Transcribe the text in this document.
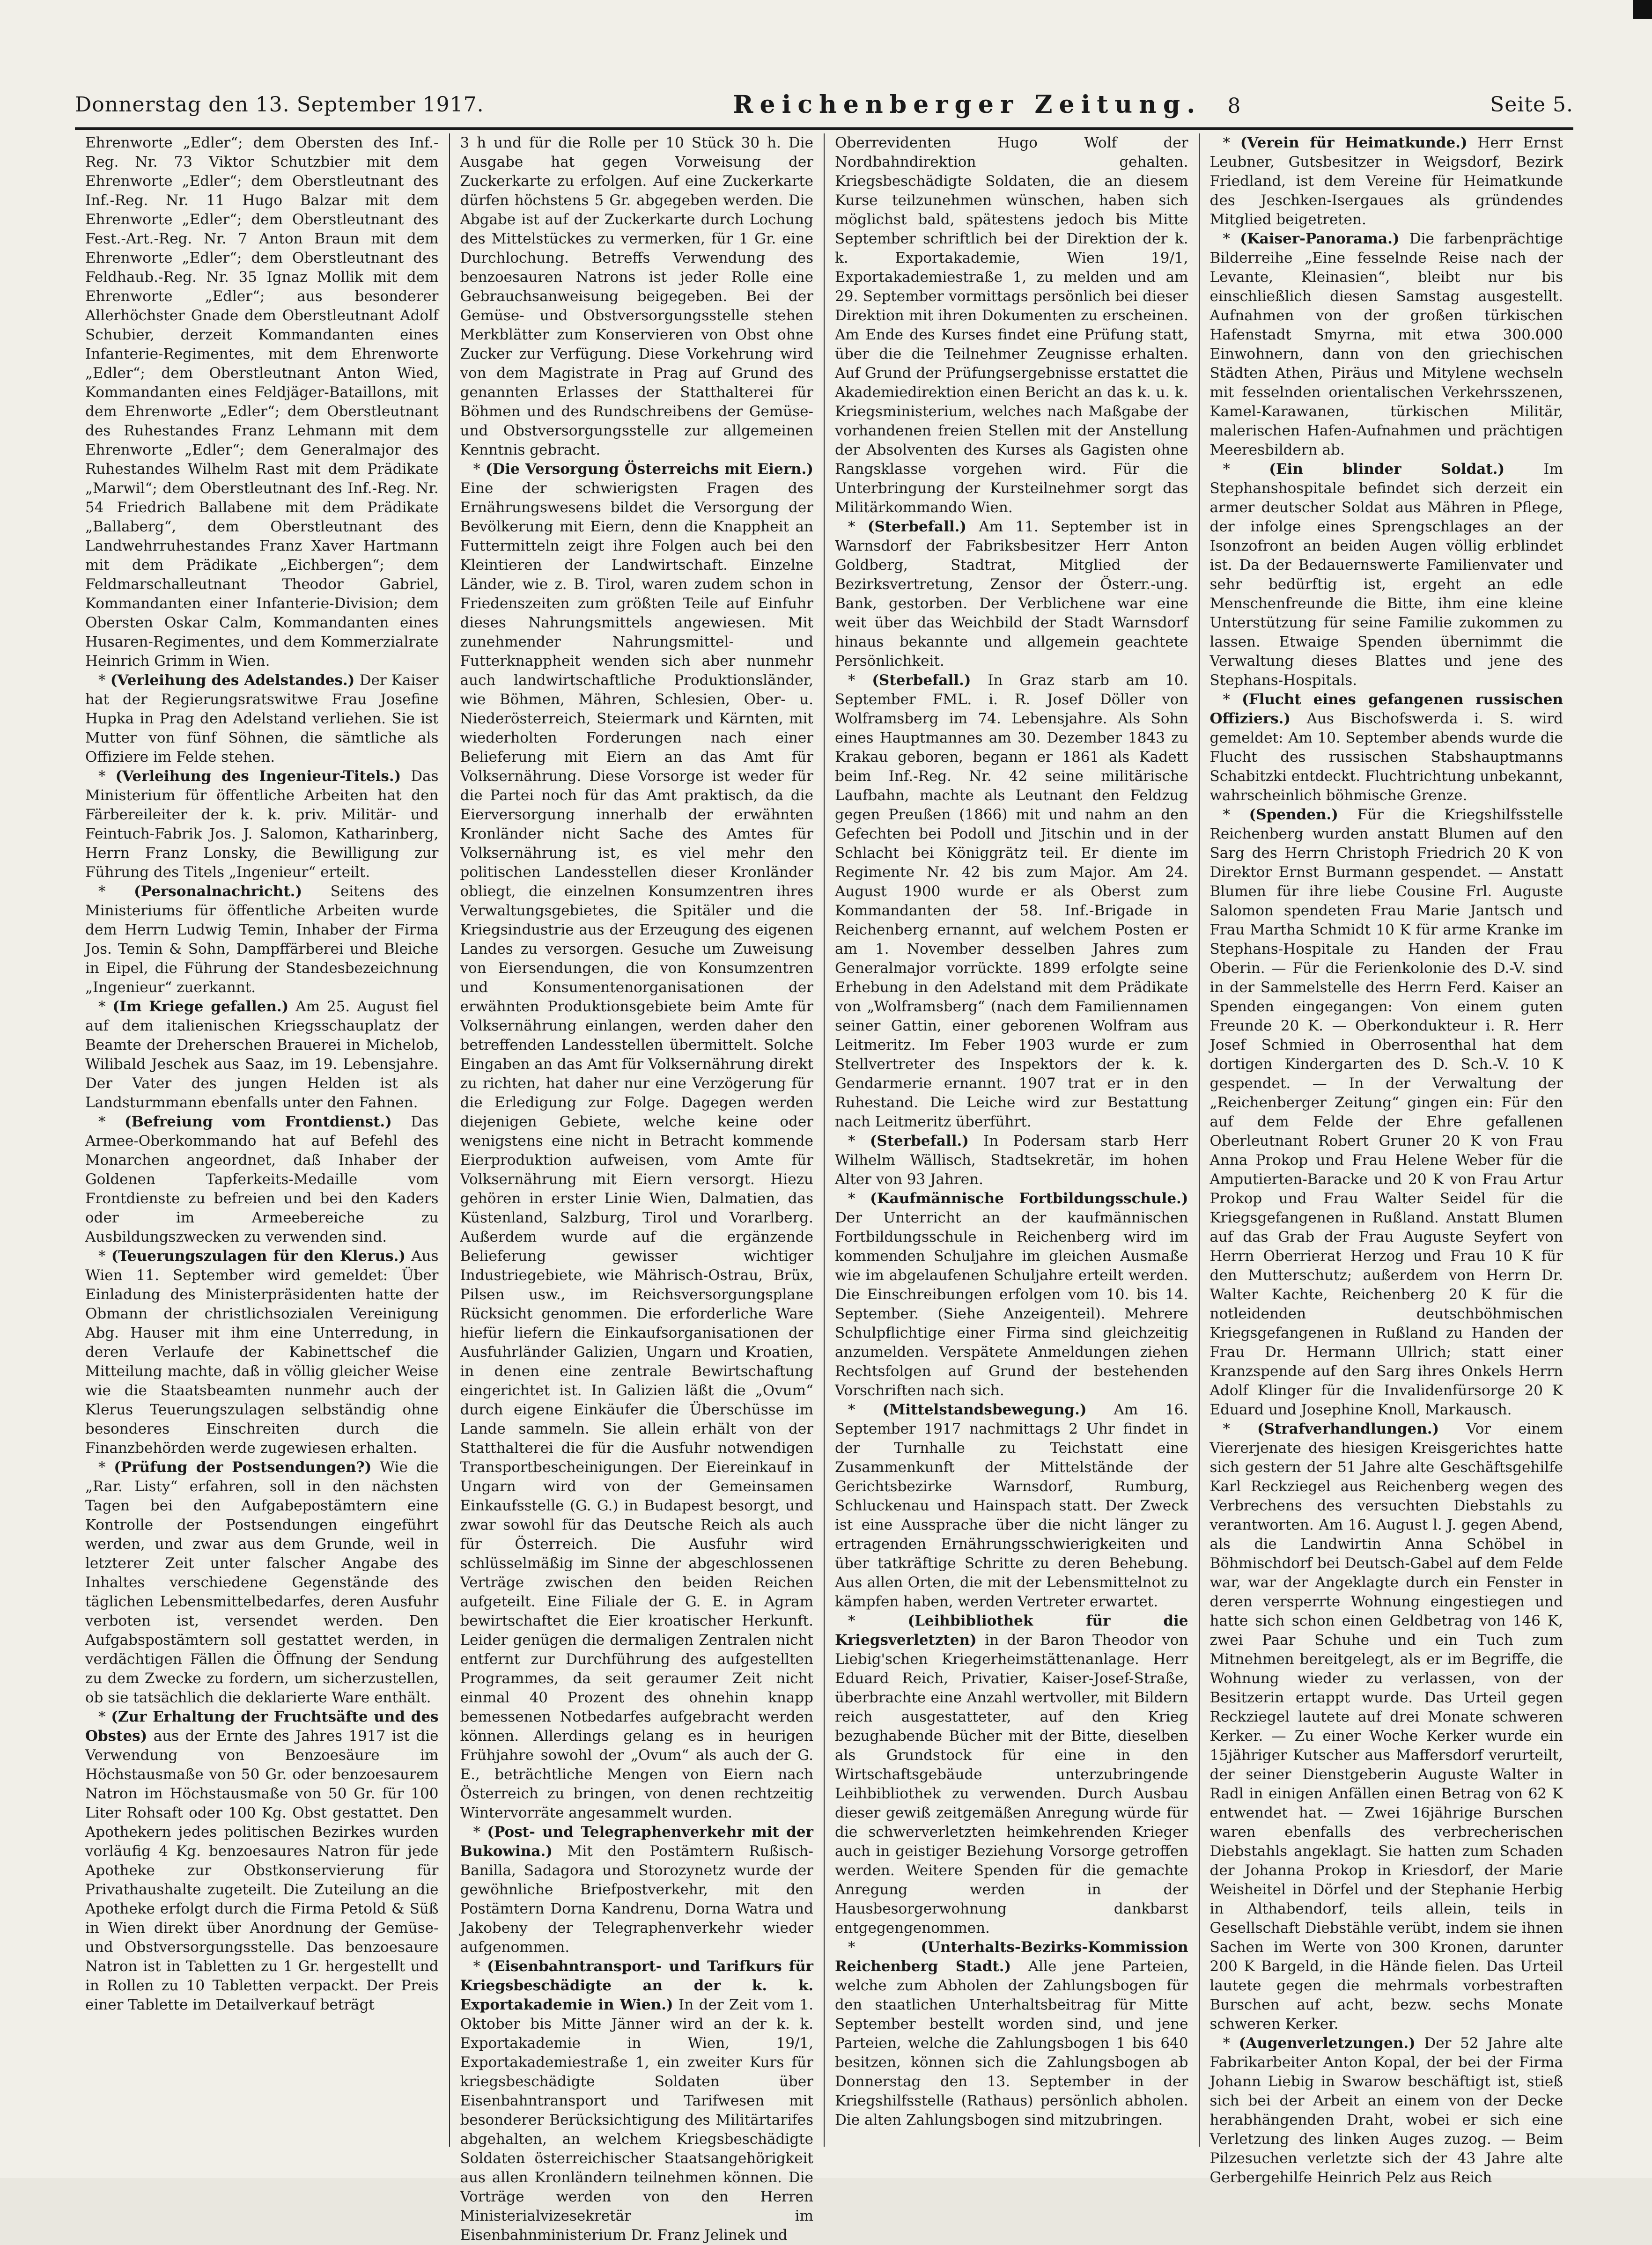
Donnerstag den 13. September 1917.	Reichenberger Zeitung. 8	Seite 5.

Ehrenworte „Edler“; dem Obersten des Inf.-Reg. Nr. 73 Viktor Schutzbier mit dem Ehrenworte „Edler“; dem Oberstleutnant des Inf.-Reg. Nr. 11 Hugo Balzar mit dem Ehrenworte „Edler“; dem Oberstleutnant des Fest.-Art.-Reg. Nr. 7 Anton Braun mit dem Ehrenworte „Edler“; dem Oberstleutnant des Feldhaub.-Reg. Nr. 35 Ignaz Mollik mit dem Ehrenworte „Edler“; aus besonderer Allerhöchster Gnade dem Oberstleutnant Adolf Schubier, derzeit Kommandanten eines Infanterie-Regimentes, mit dem Ehrenworte „Edler“; dem Oberstleutnant Anton Wied, Kommandanten eines Feldjäger-Bataillons, mit dem Ehrenworte „Edler“; dem Oberstleutnant des Ruhestandes Franz Lehmann mit dem Ehrenworte „Edler“; dem Generalmajor des Ruhestandes Wilhelm Rast mit dem Prädikate „Marwil“; dem Oberstleutnant des Inf.-Reg. Nr. 54 Friedrich Ballabene mit dem Prädikate „Ballaberg“, dem Oberstleutnant des Landwehrruhestandes Franz Xaver Hartmann mit dem Prädikate „Eichbergen“; dem Feldmarschalleutnant Theodor Gabriel, Kommandanten einer Infanterie-Division; dem Obersten Oskar Calm, Kommandanten eines Husaren-Regimentes, und dem Kommerzialrate Heinrich Grimm in Wien.

* (Verleihung des Adelstandes.) Der Kaiser hat der Regierungsratswitwe Frau Josefine Hupka in Prag den Adelstand verliehen. Sie ist Mutter von fünf Söhnen, die sämtliche als Offiziere im Felde stehen.

* (Verleihung des Ingenieur-Titels.) Das Ministerium für öffentliche Arbeiten hat den Färbereileiter der k. k. priv. Militär- und Feintuch-Fabrik Jos. J. Salomon, Katharinberg, Herrn Franz Lonsky, die Bewilligung zur Führung des Titels „Ingenieur“ erteilt.

* (Personalnachricht.) Seitens des Ministeriums für öffentliche Arbeiten wurde dem Herrn Ludwig Temin, Inhaber der Firma Jos. Temin & Sohn, Dampffärberei und Bleiche in Eipel, die Führung der Standesbezeichnung „Ingenieur“ zuerkannt.

* (Im Kriege gefallen.) Am 25. August fiel auf dem italienischen Kriegsschauplatz der Beamte der Dreherschen Brauerei in Michelob, Wilibald Jeschek aus Saaz, im 19. Lebensjahre. Der Vater des jungen Helden ist als Landsturmmann ebenfalls unter den Fahnen.

* (Befreiung vom Frontdienst.) Das Armee-Oberkommando hat auf Befehl des Monarchen angeordnet, daß Inhaber der Goldenen Tapferkeits-Medaille vom Frontdienste zu befreien und bei den Kaders oder im Armeebereiche zu Ausbildungszwecken zu verwenden sind.

* (Teuerungszulagen für den Klerus.) Aus Wien 11. September wird gemeldet: Über Einladung des Ministerpräsidenten hatte der Obmann der christlichsozialen Vereinigung Abg. Hauser mit ihm eine Unterredung, in deren Verlaufe der Kabinettschef die Mitteilung machte, daß in völlig gleicher Weise wie die Staatsbeamten nunmehr auch der Klerus Teuerungszulagen selbständig ohne besonderes Einschreiten durch die Finanzbehörden werde zugewiesen erhalten.

* (Prüfung der Postsendungen?) Wie die „Rar. Listy“ erfahren, soll in den nächsten Tagen bei den Aufgabepostämtern eine Kontrolle der Postsendungen eingeführt werden, und zwar aus dem Grunde, weil in letzterer Zeit unter falscher Angabe des Inhaltes verschiedene Gegenstände des täglichen Lebensmittelbedarfes, deren Ausfuhr verboten ist, versendet werden. Den Aufgabspostämtern soll gestattet werden, in verdächtigen Fällen die Öffnung der Sendung zu dem Zwecke zu fordern, um sicherzustellen, ob sie tatsächlich die deklarierte Ware enthält.

* (Zur Erhaltung der Fruchtsäfte und des Obstes) aus der Ernte des Jahres 1917 ist die Verwendung von Benzoesäure im Höchstausmaße von 50 Gr. oder benzoesaurem Natron im Höchstausmaße von 50 Gr. für 100 Liter Rohsaft oder 100 Kg. Obst gestattet. Den Apothekern jedes politischen Bezirkes wurden vorläufig 4 Kg. benzoesaures Natron für jede Apotheke zur Obstkonservierung für Privathaushalte zugeteilt. Die Zuteilung an die Apotheke erfolgt durch die Firma Petold & Süß in Wien direkt über Anordnung der Gemüse- und Obstversorgungsstelle. Das benzoesaure Natron ist in Tabletten zu 1 Gr. hergestellt und in Rollen zu 10 Tabletten verpackt. Der Preis einer Tablette im Detailverkauf beträgt

3 h und für die Rolle per 10 Stück 30 h. Die Ausgabe hat gegen Vorweisung der Zuckerkarte zu erfolgen. Auf eine Zuckerkarte dürfen höchstens 5 Gr. abgegeben werden. Die Abgabe ist auf der Zuckerkarte durch Lochung des Mittelstückes zu vermerken, für 1 Gr. eine Durchlochung. Betreffs Verwendung des benzoesauren Natrons ist jeder Rolle eine Gebrauchsanweisung beigegeben. Bei der Gemüse- und Obstversorgungsstelle stehen Merkblätter zum Konservieren von Obst ohne Zucker zur Verfügung. Diese Vorkehrung wird von dem Magistrate in Prag auf Grund des genannten Erlasses der Statthalterei für Böhmen und des Rundschreibens der Gemüse- und Obstversorgungsstelle zur allgemeinen Kenntnis gebracht.

* (Die Versorgung Österreichs mit Eiern.) Eine der schwierigsten Fragen des Ernährungswesens bildet die Versorgung der Bevölkerung mit Eiern, denn die Knappheit an Futtermitteln zeigt ihre Folgen auch bei den Kleintieren der Landwirtschaft. Einzelne Länder, wie z. B. Tirol, waren zudem schon in Friedenszeiten zum größten Teile auf Einfuhr dieses Nahrungsmittels angewiesen. Mit zunehmender Nahrungsmittel- und Futterknappheit wenden sich aber nunmehr auch landwirtschaftliche Produktionsländer, wie Böhmen, Mähren, Schlesien, Ober- u. Niederösterreich, Steiermark und Kärnten, mit wiederholten Forderungen nach einer Belieferung mit Eiern an das Amt für Volksernährung. Diese Vorsorge ist weder für die Partei noch für das Amt praktisch, da die Eierversorgung innerhalb der erwähnten Kronländer nicht Sache des Amtes für Volksernährung ist, es viel mehr den politischen Landesstellen dieser Kronländer obliegt, die einzelnen Konsumzentren ihres Verwaltungsgebietes, die Spitäler und die Kriegsindustrie aus der Erzeugung des eigenen Landes zu versorgen. Gesuche um Zuweisung von Eiersendungen, die von Konsumzentren und Konsumentenorganisationen der erwähnten Produktionsgebiete beim Amte für Volksernährung einlangen, werden daher den betreffenden Landesstellen übermittelt. Solche Eingaben an das Amt für Volksernährung direkt zu richten, hat daher nur eine Verzögerung für die Erledigung zur Folge. Dagegen werden diejenigen Gebiete, welche keine oder wenigstens eine nicht in Betracht kommende Eierproduktion aufweisen, vom Amte für Volksernährung mit Eiern versorgt. Hiezu gehören in erster Linie Wien, Dalmatien, das Küstenland, Salzburg, Tirol und Vorarlberg. Außerdem wurde auf die ergänzende Belieferung gewisser wichtiger Industriegebiete, wie Mährisch-Ostrau, Brüx, Pilsen usw., im Reichsversorgungsplane Rücksicht genommen. Die erforderliche Ware hiefür liefern die Einkaufsorganisationen der Ausfuhrländer Galizien, Ungarn und Kroatien, in denen eine zentrale Bewirtschaftung eingerichtet ist. In Galizien läßt die „Ovum“ durch eigene Einkäufer die Überschüsse im Lande sammeln. Sie allein erhält von der Statthalterei die für die Ausfuhr notwendigen Transportbescheinigungen. Der Eiereinkauf in Ungarn wird von der Gemeinsamen Einkaufsstelle (G. G.) in Budapest besorgt, und zwar sowohl für das Deutsche Reich als auch für Österreich. Die Ausfuhr wird schlüsselmäßig im Sinne der abgeschlossenen Verträge zwischen den beiden Reichen aufgeteilt. Eine Filiale der G. E. in Agram bewirtschaftet die Eier kroatischer Herkunft. Leider genügen die dermaligen Zentralen nicht entfernt zur Durchführung des aufgestellten Programmes, da seit geraumer Zeit nicht einmal 40 Prozent des ohnehin knapp bemessenen Notbedarfes aufgebracht werden können. Allerdings gelang es in heurigen Frühjahre sowohl der „Ovum“ als auch der G. E., beträchtliche Mengen von Eiern nach Österreich zu bringen, von denen rechtzeitig Wintervorräte angesammelt wurden.

* (Post- und Telegraphenverkehr mit der Bukowina.) Mit den Postämtern Rußisch-Banilla, Sadagora und Storozynetz wurde der gewöhnliche Briefpostverkehr, mit den Postämtern Dorna Kandrenu, Dorna Watra und Jakobeny der Telegraphenverkehr wieder aufgenommen.

* (Eisenbahntransport- und Tarifkurs für Kriegsbeschädigte an der k. k. Exportakademie in Wien.) In der Zeit vom 1. Oktober bis Mitte Jänner wird an der k. k. Exportakademie in Wien, 19/1, Exportakademiestraße 1, ein zweiter Kurs für kriegsbeschädigte Soldaten über Eisenbahntransport und Tarifwesen mit besonderer Berücksichtigung des Militärtarifes abgehalten, an welchem Kriegsbeschädigte Soldaten österreichischer Staatsangehörigkeit aus allen Kronländern teilnehmen können. Die Vorträge werden von den Herren Ministerialvizesekretär im Eisenbahnministerium Dr. Franz Jelinek und

Oberrevidenten Hugo Wolf der Nordbahndirektion gehalten. Kriegsbeschädigte Soldaten, die an diesem Kurse teilzunehmen wünschen, haben sich möglichst bald, spätestens jedoch bis Mitte September schriftlich bei der Direktion der k. k. Exportakademie, Wien 19/1, Exportakademiestraße 1, zu melden und am 29. September vormittags persönlich bei dieser Direktion mit ihren Dokumenten zu erscheinen. Am Ende des Kurses findet eine Prüfung statt, über die die Teilnehmer Zeugnisse erhalten. Auf Grund der Prüfungsergebnisse erstattet die Akademiedirektion einen Bericht an das k. u. k. Kriegsministerium, welches nach Maßgabe der vorhandenen freien Stellen mit der Anstellung der Absolventen des Kurses als Gagisten ohne Rangsklasse vorgehen wird. Für die Unterbringung der Kursteilnehmer sorgt das Militärkommando Wien.

* (Sterbefall.) Am 11. September ist in Warnsdorf der Fabriksbesitzer Herr Anton Goldberg, Stadtrat, Mitglied der Bezirksvertretung, Zensor der Österr.-ung. Bank, gestorben. Der Verblichene war eine weit über das Weichbild der Stadt Warnsdorf hinaus bekannte und allgemein geachtete Persönlichkeit.

* (Sterbefall.) In Graz starb am 10. September FML. i. R. Josef Döller von Wolframsberg im 74. Lebensjahre. Als Sohn eines Hauptmannes am 30. Dezember 1843 zu Krakau geboren, begann er 1861 als Kadett beim Inf.-Reg. Nr. 42 seine militärische Laufbahn, machte als Leutnant den Feldzug gegen Preußen (1866) mit und nahm an den Gefechten bei Podoll und Jitschin und in der Schlacht bei Königgrätz teil. Er diente im Regimente Nr. 42 bis zum Major. Am 24. August 1900 wurde er als Oberst zum Kommandanten der 58. Inf.-Brigade in Reichenberg ernannt, auf welchem Posten er am 1. November desselben Jahres zum Generalmajor vorrückte. 1899 erfolgte seine Erhebung in den Adelstand mit dem Prädikate von „Wolframsberg“ (nach dem Familiennamen seiner Gattin, einer geborenen Wolfram aus Leitmeritz. Im Feber 1903 wurde er zum Stellvertreter des Inspektors der k. k. Gendarmerie ernannt. 1907 trat er in den Ruhestand. Die Leiche wird zur Bestattung nach Leitmeritz überführt.

* (Sterbefall.) In Podersam starb Herr Wilhelm Wällisch, Stadtsekretär, im hohen Alter von 93 Jahren.

* (Kaufmännische Fortbildungsschule.) Der Unterricht an der kaufmännischen Fortbildungsschule in Reichenberg wird im kommenden Schuljahre im gleichen Ausmaße wie im abgelaufenen Schuljahre erteilt werden. Die Einschreibungen erfolgen vom 10. bis 14. September. (Siehe Anzeigenteil). Mehrere Schulpflichtige einer Firma sind gleichzeitig anzumelden. Verspätete Anmeldungen ziehen Rechtsfolgen auf Grund der bestehenden Vorschriften nach sich.

* (Mittelstandsbewegung.) Am 16. September 1917 nachmittags 2 Uhr findet in der Turnhalle zu Teichstatt eine Zusammenkunft der Mittelstände der Gerichtsbezirke Warnsdorf, Rumburg, Schluckenau und Hainspach statt. Der Zweck ist eine Aussprache über die nicht länger zu ertragenden Ernährungsschwierigkeiten und über tatkräftige Schritte zu deren Behebung. Aus allen Orten, die mit der Lebensmittelnot zu kämpfen haben, werden Vertreter erwartet.

* (Leihbibliothek für die Kriegsverletzten) in der Baron Theodor von Liebig'schen Kriegerheimstättenanlage. Herr Eduard Reich, Privatier, Kaiser-Josef-Straße, überbrachte eine Anzahl wertvoller, mit Bildern reich ausgestatteter, auf den Krieg bezughabende Bücher mit der Bitte, dieselben als Grundstock für eine in den Wirtschaftsgebäude unterzubringende Leihbibliothek zu verwenden. Durch Ausbau dieser gewiß zeitgemäßen Anregung würde für die schwerverletzten heimkehrenden Krieger auch in geistiger Beziehung Vorsorge getroffen werden. Weitere Spenden für die gemachte Anregung werden in der Hausbesorgerwohnung dankbarst entgegengenommen.

* (Unterhalts-Bezirks-Kommission Reichenberg Stadt.) Alle jene Parteien, welche zum Abholen der Zahlungsbogen für den staatlichen Unterhaltsbeitrag für Mitte September bestellt worden sind, und jene Parteien, welche die Zahlungsbogen 1 bis 640 besitzen, können sich die Zahlungsbogen ab Donnerstag den 13. September in der Kriegshilfsstelle (Rathaus) persönlich abholen. Die alten Zahlungsbogen sind mitzubringen.

* (Verein für Heimatkunde.) Herr Ernst Leubner, Gutsbesitzer in Weigsdorf, Bezirk Friedland, ist dem Vereine für Heimatkunde des Jeschken-Isergaues als gründendes Mitglied beigetreten.

* (Kaiser-Panorama.) Die farbenprächtige Bilderreihe „Eine fesselnde Reise nach der Levante, Kleinasien“, bleibt nur bis einschließlich diesen Samstag ausgestellt. Aufnahmen von der großen türkischen Hafenstadt Smyrna, mit etwa 300.000 Einwohnern, dann von den griechischen Städten Athen, Piräus und Mitylene wechseln mit fesselnden orientalischen Verkehrsszenen, Kamel-Karawanen, türkischen Militär, malerischen Hafen-Aufnahmen und prächtigen Meeresbildern ab.

* (Ein blinder Soldat.) Im Stephanshospitale befindet sich derzeit ein armer deutscher Soldat aus Mähren in Pflege, der infolge eines Sprengschlages an der Isonzofront an beiden Augen völlig erblindet ist. Da der Bedauernswerte Familienvater und sehr bedürftig ist, ergeht an edle Menschenfreunde die Bitte, ihm eine kleine Unterstützung für seine Familie zukommen zu lassen. Etwaige Spenden übernimmt die Verwaltung dieses Blattes und jene des Stephans-Hospitals.

* (Flucht eines gefangenen russischen Offiziers.) Aus Bischofswerda i. S. wird gemeldet: Am 10. September abends wurde die Flucht des russischen Stabshauptmanns Schabitzki entdeckt. Fluchtrichtung unbekannt, wahrscheinlich böhmische Grenze.

* (Spenden.) Für die Kriegshilfsstelle Reichenberg wurden anstatt Blumen auf den Sarg des Herrn Christoph Friedrich 20 K von Direktor Ernst Burmann gespendet. — Anstatt Blumen für ihre liebe Cousine Frl. Auguste Salomon spendeten Frau Marie Jantsch und Frau Martha Schmidt 10 K für arme Kranke im Stephans-Hospitale zu Handen der Frau Oberin. — Für die Ferienkolonie des D.-V. sind in der Sammelstelle des Herrn Ferd. Kaiser an Spenden eingegangen: Von einem guten Freunde 20 K. — Oberkondukteur i. R. Herr Josef Schmied in Oberrosenthal hat dem dortigen Kindergarten des D. Sch.-V. 10 K gespendet. — In der Verwaltung der „Reichenberger Zeitung“ gingen ein: Für den auf dem Felde der Ehre gefallenen Oberleutnant Robert Gruner 20 K von Frau Anna Prokop und Frau Helene Weber für die Amputierten-Baracke und 20 K von Frau Artur Prokop und Frau Walter Seidel für die Kriegsgefangenen in Rußland. Anstatt Blumen auf das Grab der Frau Auguste Seyfert von Herrn Oberrierat Herzog und Frau 10 K für den Mutterschutz; außerdem von Herrn Dr. Walter Kachte, Reichenberg 20 K für die notleidenden deutschböhmischen Kriegsgefangenen in Rußland zu Handen der Frau Dr. Hermann Ullrich; statt einer Kranzspende auf den Sarg ihres Onkels Herrn Adolf Klinger für die Invalidenfürsorge 20 K Eduard und Josephine Knoll, Markausch.

* (Strafverhandlungen.) Vor einem Viererjenate des hiesigen Kreisgerichtes hatte sich gestern der 51 Jahre alte Geschäftsgehilfe Karl Reckziegel aus Reichenberg wegen des Verbrechens des versuchten Diebstahls zu verantworten. Am 16. August l. J. gegen Abend, als die Landwirtin Anna Schöbel in Böhmischdorf bei Deutsch-Gabel auf dem Felde war, war der Angeklagte durch ein Fenster in deren versperrte Wohnung eingestiegen und hatte sich schon einen Geldbetrag von 146 K, zwei Paar Schuhe und ein Tuch zum Mitnehmen bereitgelegt, als er im Begriffe, die Wohnung wieder zu verlassen, von der Besitzerin ertappt wurde. Das Urteil gegen Reckziegel lautete auf drei Monate schweren Kerker. — Zu einer Woche Kerker wurde ein 15jähriger Kutscher aus Maffersdorf verurteilt, der seiner Dienstgeberin Auguste Walter in Radl in einigen Anfällen einen Betrag von 62 K entwendet hat. — Zwei 16jährige Burschen waren ebenfalls des verbrecherischen Diebstahls angeklagt. Sie hatten zum Schaden der Johanna Prokop in Kriesdorf, der Marie Weisheitel in Dörfel und der Stephanie Herbig in Althabendorf, teils allein, teils in Gesellschaft Diebstähle verübt, indem sie ihnen Sachen im Werte von 300 Kronen, darunter 200 K Bargeld, in die Hände fielen. Das Urteil lautete gegen die mehrmals vorbestraften Burschen auf acht, bezw. sechs Monate schweren Kerker.

* (Augenverletzungen.) Der 52 Jahre alte Fabrikarbeiter Anton Kopal, der bei der Firma Johann Liebig in Swarow beschäftigt ist, stieß sich bei der Arbeit an einem von der Decke herabhängenden Draht, wobei er sich eine Verletzung des linken Auges zuzog. — Beim Pilzesuchen verletzte sich der 43 Jahre alte Gerbergehilfe Heinrich Pelz aus Reich
